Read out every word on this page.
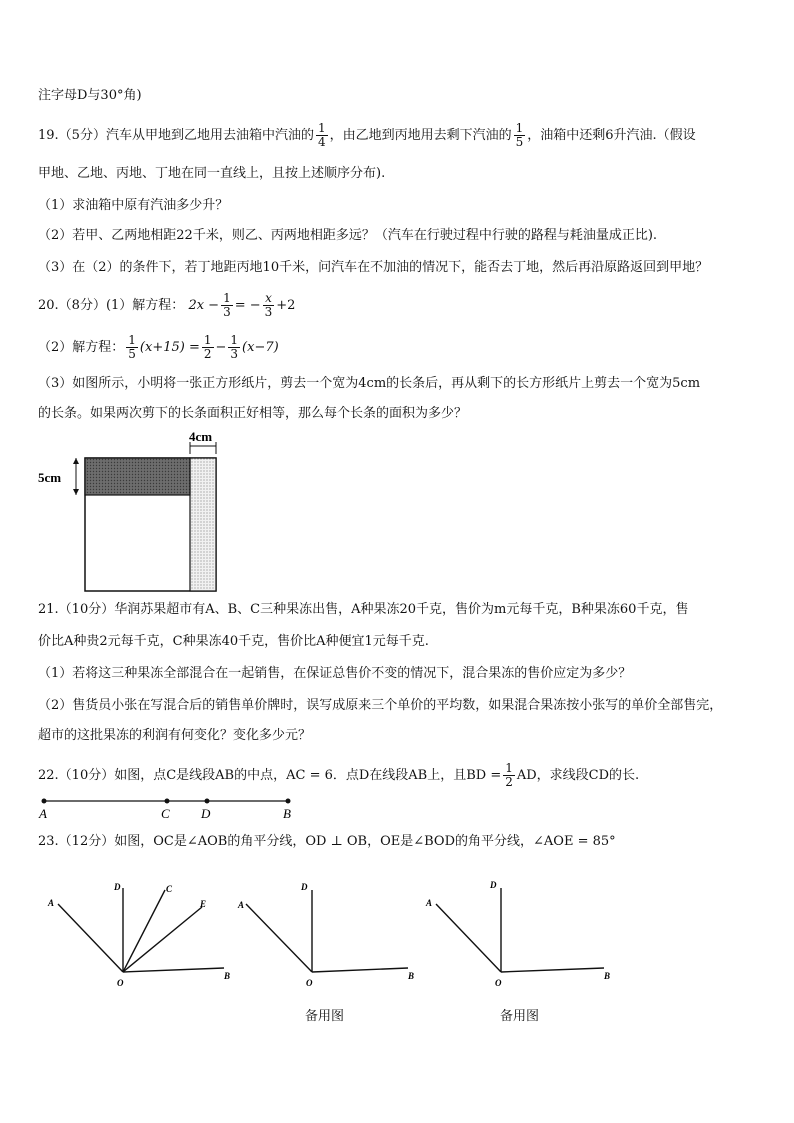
注字母D与30°角)
19.（5分）汽车从甲地到乙地用去油箱中汽油的 $\frac{1}{4}$ ，由乙地到丙地用去剩下汽油的 $\frac{1}{5}$ ，油箱中还剩6升汽油.（假设
甲地、乙地、丙地、丁地在同一直线上，且按上述顺序分布).
（1）求油箱中原有汽油多少升？
（2）若甲、乙两地相距22千米，则乙、丙两地相距多远？（汽车在行驶过程中行驶的路程与耗油量成正比).
（3）在（2）的条件下，若丁地距丙地10千米，问汽车在不加油的情况下，能否去丁地，然后再沿原路返回到甲地？
20.（8分）(1）解方程： $2x - \frac{1}{3}$ = − $\frac{x}{3} +2$
（2）解方程： $\frac{1}{5} (x+15) = \frac{1}{2} - \frac{1}{3} (x-7)$
（3）如图所示，小明将一张正方形纸片，剪去一个宽为4cm的长条后，再从剩下的长方形纸片上剪去一个宽为5cm
的长条。如果两次剪下的长条面积正好相等，那么每个长条的面积为多少？
4cm
5cm
21.（10分）华润苏果超市有A、B、C三种果冻出售，A种果冻20千克，售价为m元每千克，B种果冻60千克，售
价比A种贵2元每千克，C种果冻40千克，售价比A种便宜1元每千克.
（1）若将这三种果冻全部混合在一起销售，在保证总售价不变的情况下，混合果冻的售价应定为多少？
（2）售货员小张在写混合后的销售单价牌时，误写成原来三个单价的平均数，如果混合果冻按小张写的单价全部售完，
超市的这批果冻的利润有何变化？变化多少元？
22.（10分）如图，点C是线段AB的中点，AC = 6．点D在线段AB上，且BD = $\frac{1}{2}$ AD，求线段CD的长.
A	C D	B
23.（12分）如图，OC是∠AOB的角平分线，OD ⊥ OB，OE是∠BOD的角平分线，∠AOE = 85°
A
D	C
E
O
B
A
D
O
B
A
D
O
B
备用图	备用图
